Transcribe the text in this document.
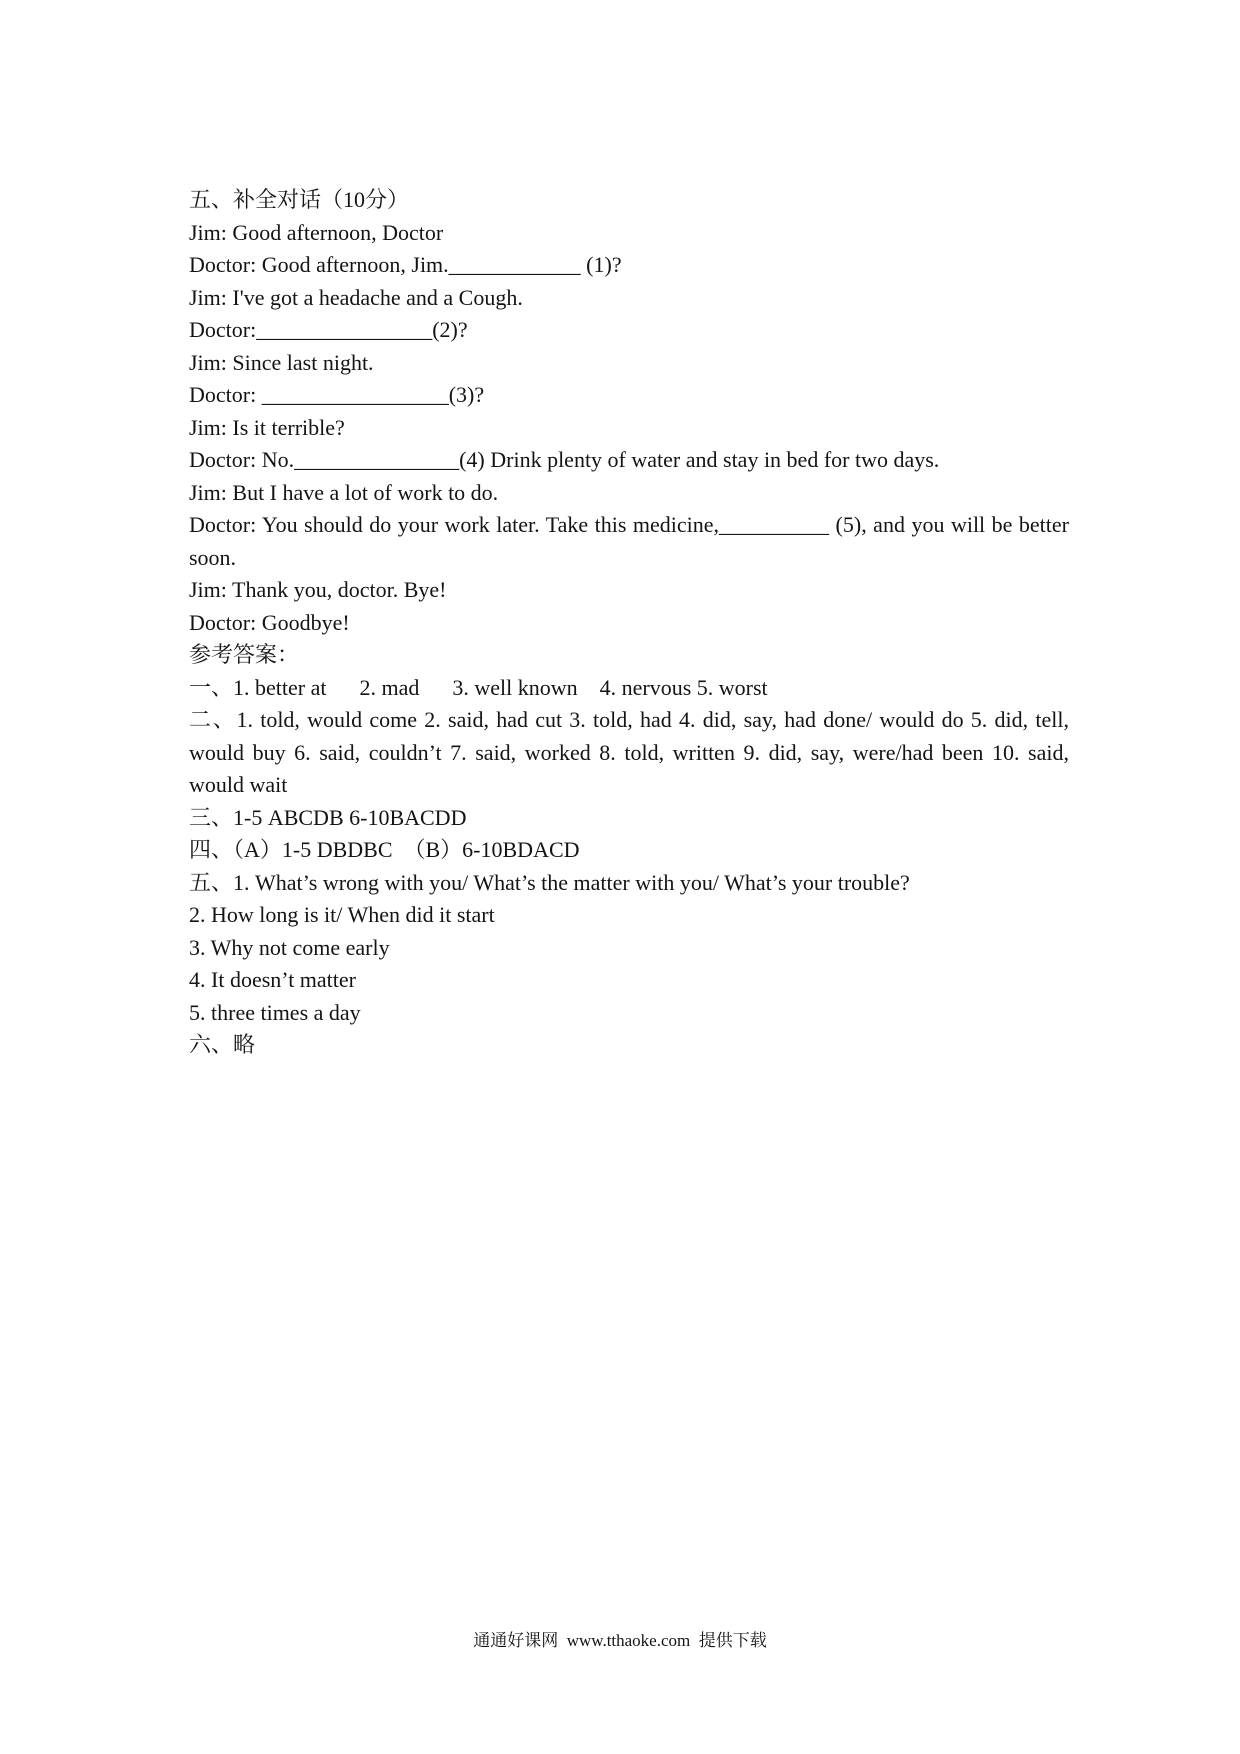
五、补全对话（10分）
Jim: Good afternoon, Doctor
Doctor: Good afternoon, Jim.____________ (1)?
Jim: I've got a headache and a Cough.
Doctor:________________(2)?
Jim: Since last night.
Doctor: _________________(3)?
Jim: Is it terrible?
Doctor: No._______________(4) Drink plenty of water and stay in bed for two days.
Jim: But I have a lot of work to do.
Doctor: You should do your work later. Take this medicine,__________ (5), and you will be better soon.
Jim: Thank you, doctor. Bye!
Doctor: Goodbye!
参考答案：
一、1. better at      2. mad      3. well known    4. nervous 5. worst
二、1. told, would come 2. said, had cut 3. told, had 4. did, say, had done/ would do 5. did, tell, would buy 6. said, couldn’t 7. said, worked 8. told, written 9. did, say, were/had been 10. said, would wait
三、1-5 ABCDB 6-10BACDD
四、（A）1-5 DBDBC  （B）6-10BDACD
五、1. What’s wrong with you/ What’s the matter with you/ What’s your trouble?
2. How long is it/ When did it start
3. Why not come early
4. It doesn’t matter
5. three times a day
六、略
通通好课网  www.tthaoke.com  提供下载
